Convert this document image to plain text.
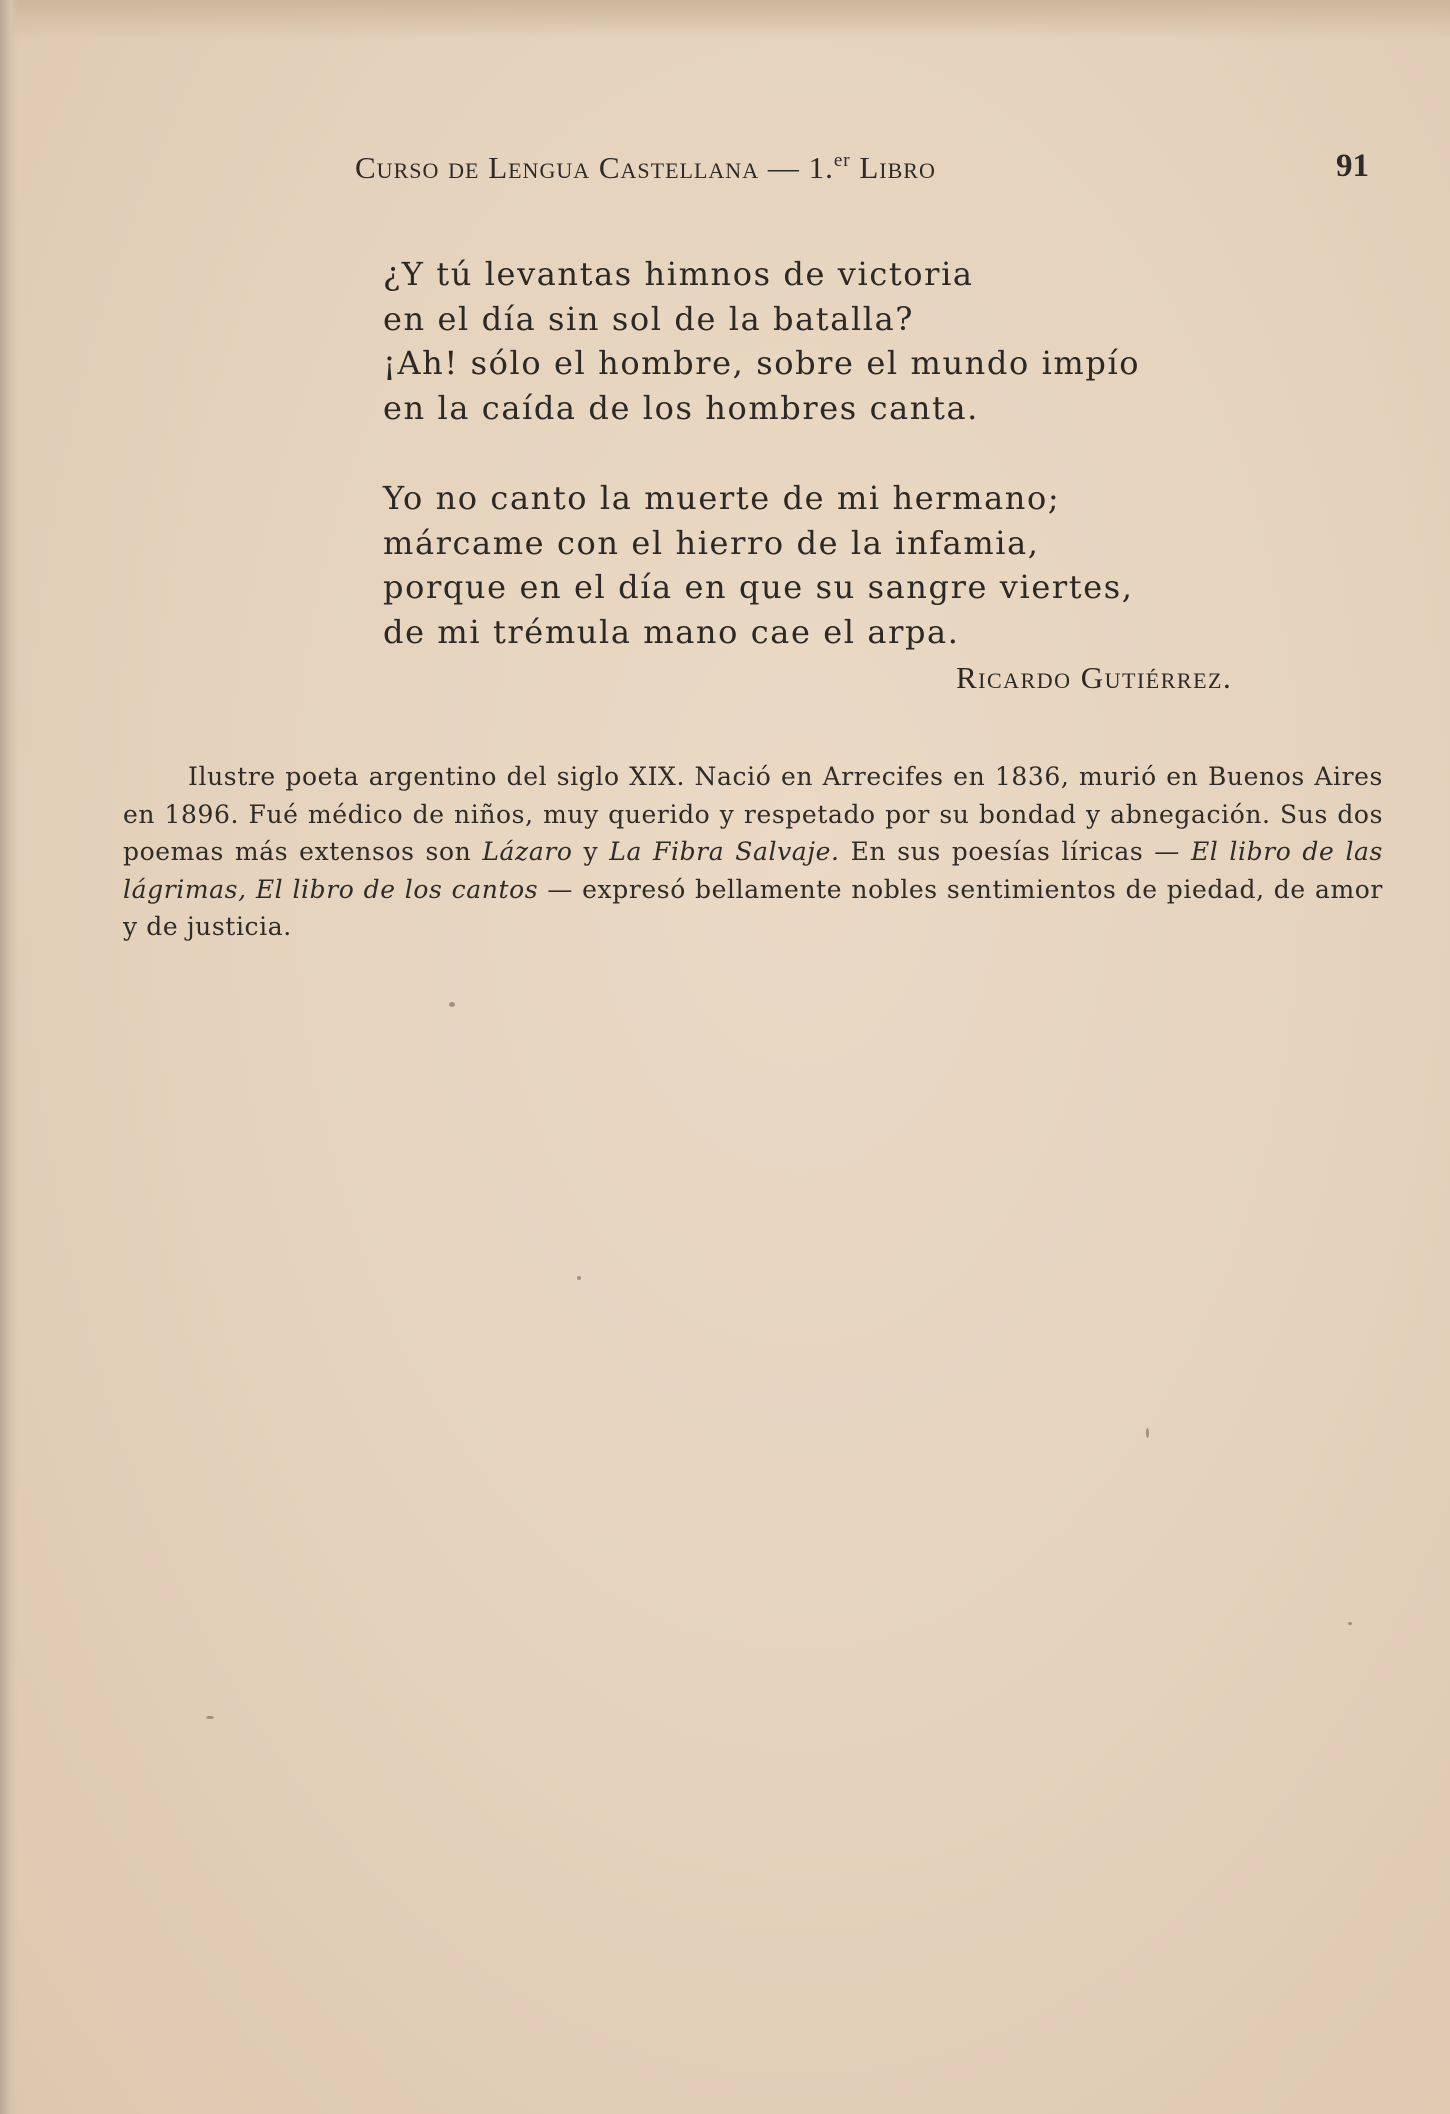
Curso de Lengua Castellana — 1.$^{er}$ Libro	91
¿Y tú levantas himnos de victoria
en el día sin sol de la batalla?
¡Ah! sólo el hombre, sobre el mundo impío
en la caída de los hombres canta.
Yo no canto la muerte de mi hermano;
márcame con el hierro de la infamia,
porque en el día en que su sangre viertes,
de mi trémula mano cae el arpa.
Ricardo Gutiérrez.

Ilustre poeta argentino del siglo XIX. Nació en Arrecifes en 1836, murió en Buenos Aires en 1896. Fué médico de niños, muy querido y respetado por su bondad y abnegación. Sus dos poemas más extensos son Lázaro y La Fibra Salvaje. En sus poesías líricas — El libro de las lágrimas, El libro de los cantos — expresó bellamente nobles sentimientos de piedad, de amor y de justicia.
